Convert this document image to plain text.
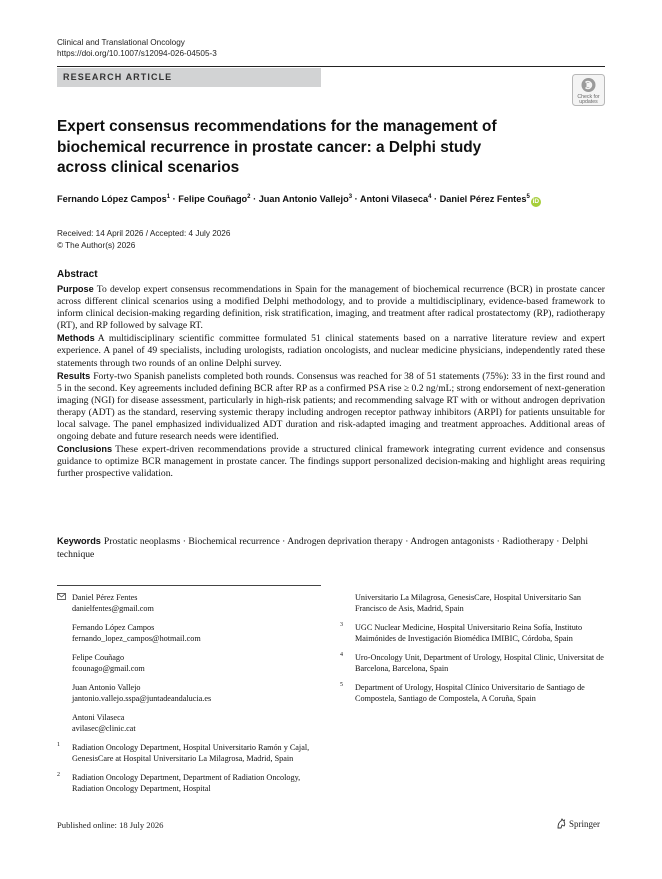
Clinical and Translational Oncology
https://doi.org/10.1007/s12094-026-04505-3
RESEARCH ARTICLE
Check for
updates
Expert consensus recommendations for the management of biochemical recurrence in prostate cancer: a Delphi study across clinical scenarios
Fernando López Campos$^1$ · Felipe Couñago$^2$ · Juan Antonio Vallejo$^3$ · Antoni Vilaseca$^4$ · Daniel Pérez Fentes$^5$iD
Received: 14 April 2026 / Accepted: 4 July 2026
© The Author(s) 2026
Abstract

Purpose To develop expert consensus recommendations in Spain for the management of biochemical recurrence (BCR) in prostate cancer across different clinical scenarios using a modified Delphi methodology, and to provide a multidisciplinary, evidence-based framework to inform clinical decision-making regarding definition, risk stratification, imaging, and treatment after radical prostatectomy (RP), radiotherapy (RT), and RP followed by salvage RT.

Methods A multidisciplinary scientific committee formulated 51 clinical statements based on a narrative literature review and expert experience. A panel of 49 specialists, including urologists, radiation oncologists, and nuclear medicine physicians, independently rated these statements through two rounds of an online Delphi survey.

Results Forty-two Spanish panelists completed both rounds. Consensus was reached for 38 of 51 statements (75%): 33 in the first round and 5 in the second. Key agreements included defining BCR after RP as a confirmed PSA rise ≥ 0.2 ng/mL; strong endorsement of next-generation imaging (NGI) for disease assessment, particularly in high-risk patients; and recommending salvage RT with or without androgen deprivation therapy (ADT) as the standard, reserving systemic therapy including androgen receptor pathway inhibitors (ARPI) for patients unsuitable for local salvage. The panel emphasized individualized ADT duration and risk-adapted imaging and treatment approaches. Additional areas of ongoing debate and future research needs were identified.

Conclusions These expert-driven recommendations provide a structured clinical framework integrating current evidence and consensus guidance to optimize BCR management in prostate cancer. The findings support personalized decision-making and highlight areas requiring further prospective validation.

Keywords Prostatic neoplasms · Biochemical recurrence · Androgen deprivation therapy · Androgen antagonists · Radiotherapy · Delphi technique
Daniel Pérez Fentes
danielfentes@gmail.com
Fernando López Campos
fernando_lopez_campos@hotmail.com
Felipe Couñago
fcounago@gmail.com
Juan Antonio Vallejo
jantonio.vallejo.sspa@juntadeandalucia.es
Antoni Vilaseca
avilasec@clinic.cat
1 Radiation Oncology Department, Hospital Universitario Ramón y Cajal, GenesisCare at Hospital Universitario La Milagrosa, Madrid, Spain
2 Radiation Oncology Department, Department of Radiation Oncology, Radiation Oncology Department, Hospital
Universitario La Milagrosa, GenesisCare, Hospital Universitario San Francisco de Asis, Madrid, Spain
3 UGC Nuclear Medicine, Hospital Universitario Reina Sofía, Instituto Maimónides de Investigación Biomédica IMIBIC, Córdoba, Spain
4 Uro-Oncology Unit, Department of Urology, Hospital Clinic, Universitat de Barcelona, Barcelona, Spain
5 Department of Urology, Hospital Clínico Universitario de Santiago de Compostela, Santiago de Compostela, A Coruña, Spain
Published online: 18 July 2026	Springer
